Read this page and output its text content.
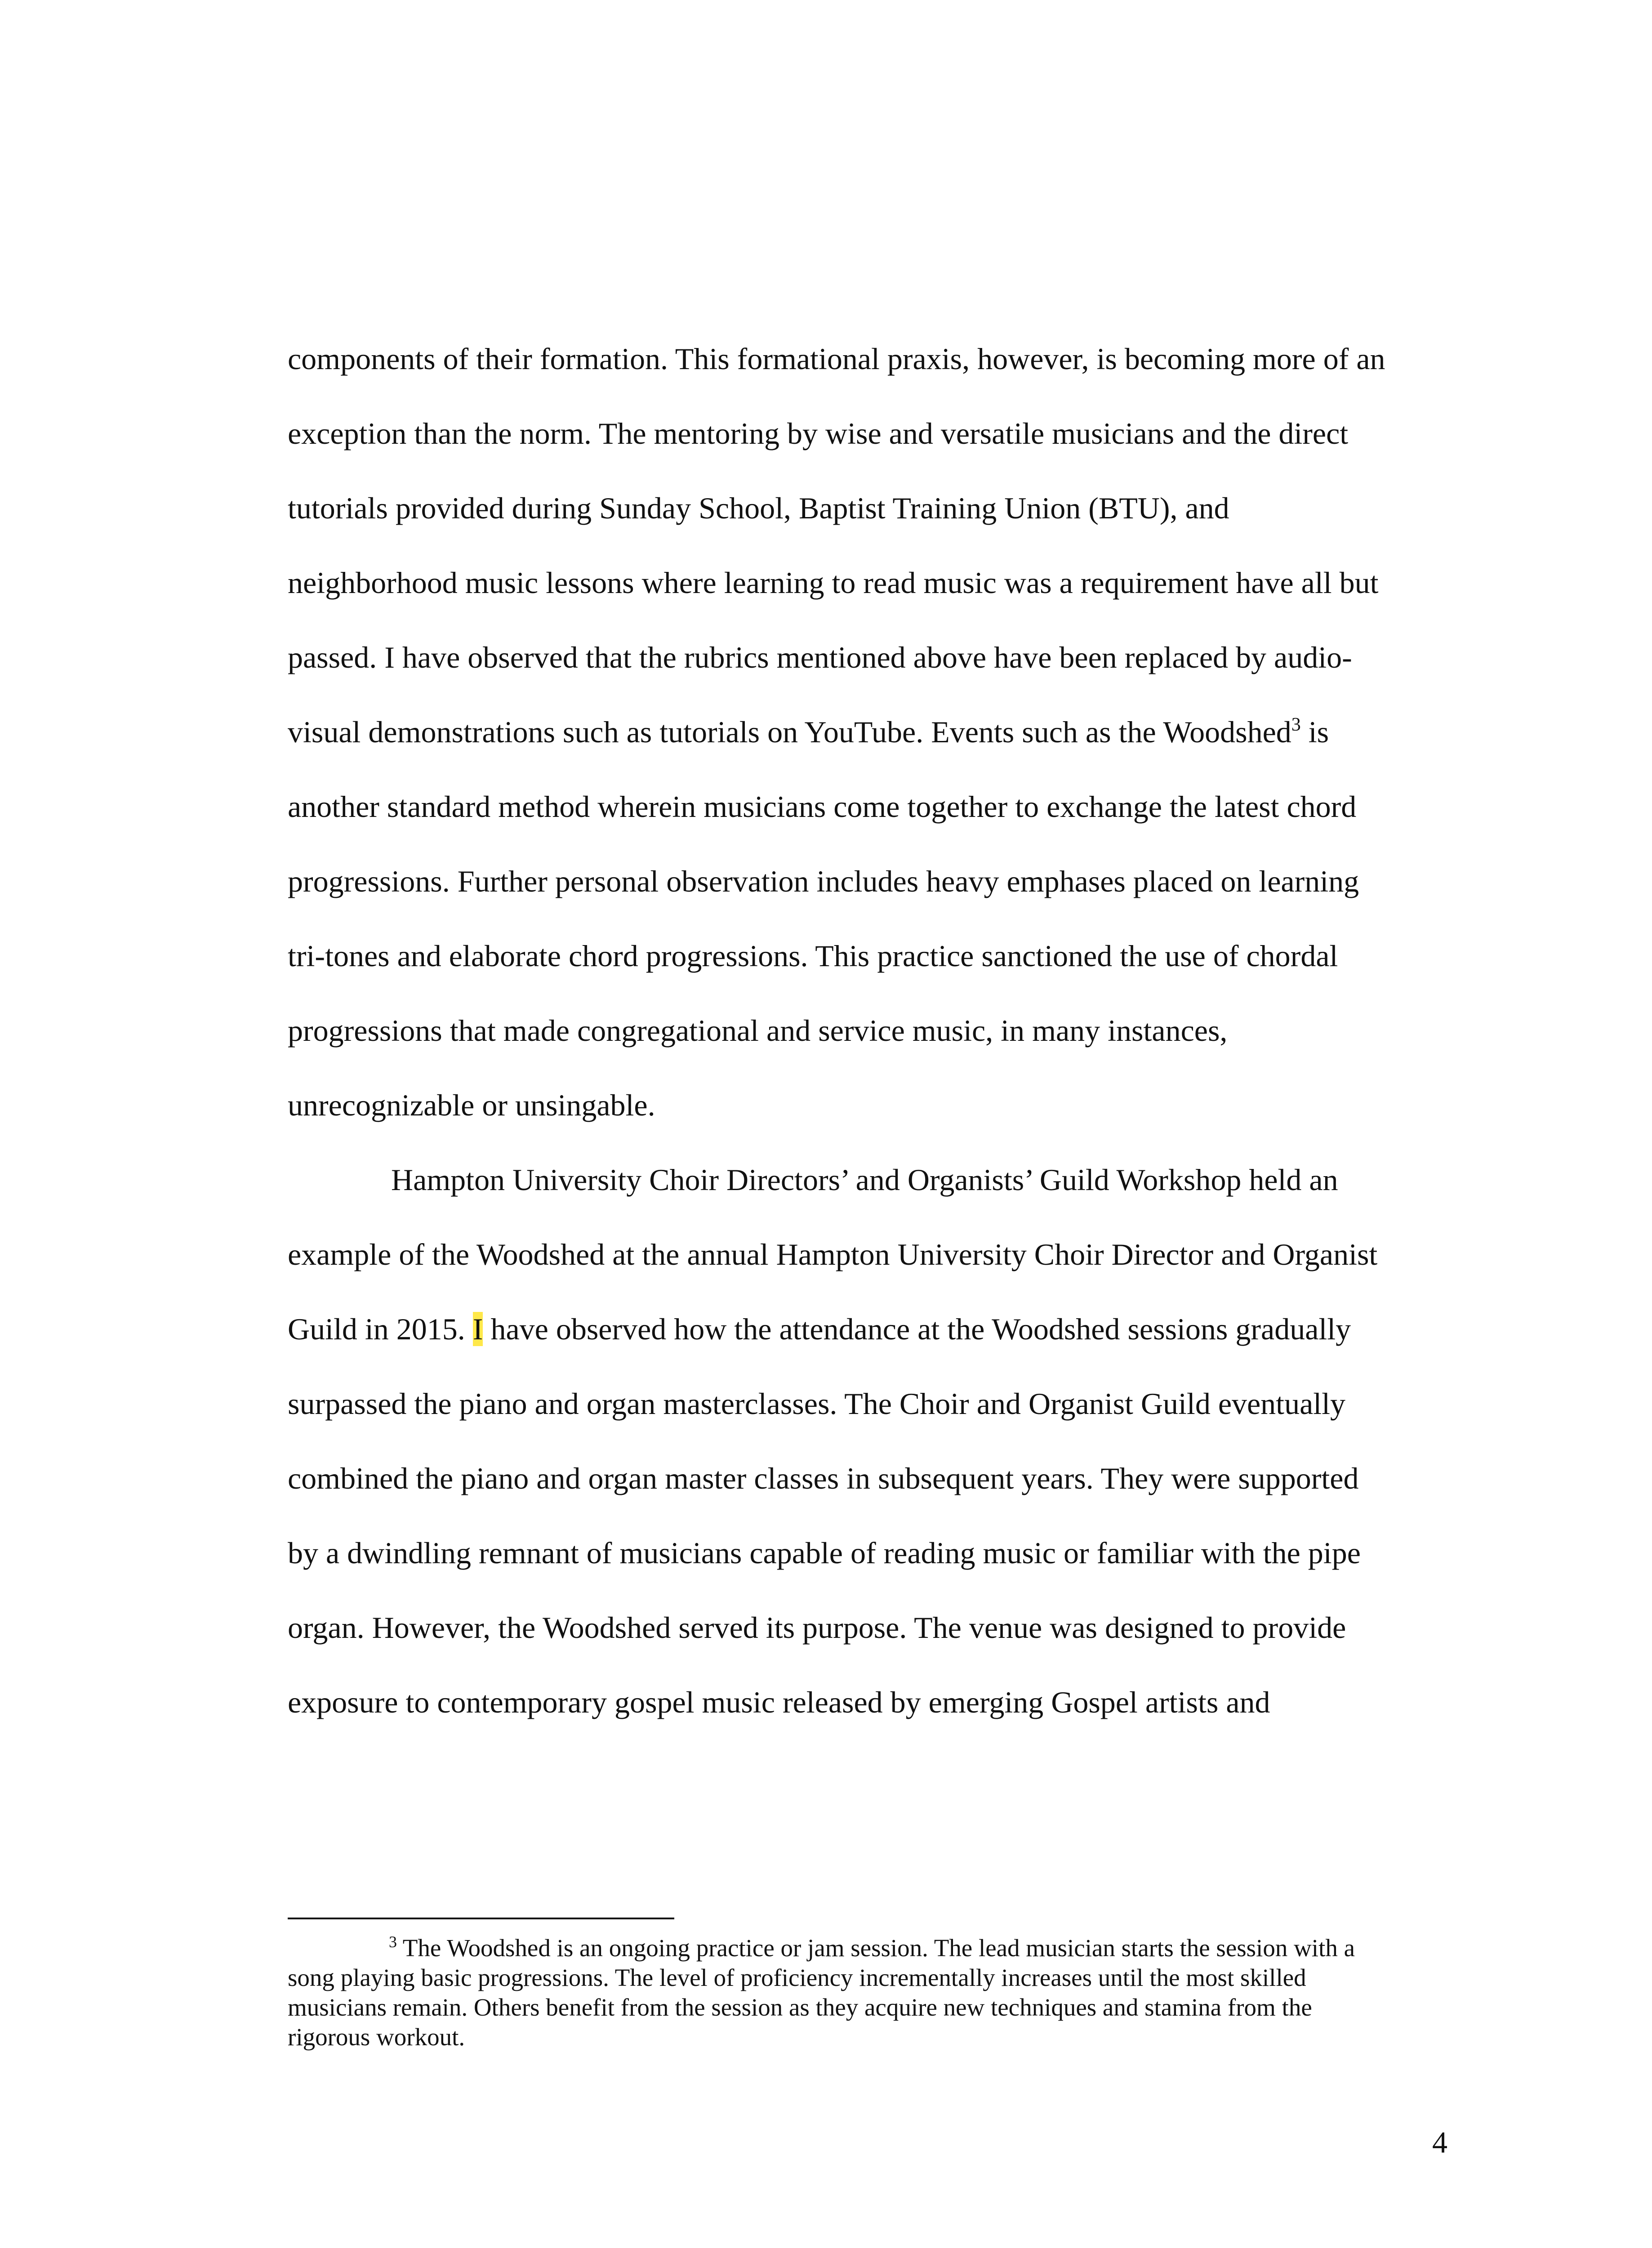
components of their formation. This formational praxis, however, is becoming more of an
exception than the norm. The mentoring by wise and versatile musicians and the direct
tutorials provided during Sunday School, Baptist Training Union (BTU), and
neighborhood music lessons where learning to read music was a requirement have all but
passed. I have observed that the rubrics mentioned above have been replaced by audio-
visual demonstrations such as tutorials on YouTube. Events such as the Woodshed$^3$ is
another standard method wherein musicians come together to exchange the latest chord
progressions. Further personal observation includes heavy emphases placed on learning
tri-tones and elaborate chord progressions. This practice sanctioned the use of chordal
progressions that made congregational and service music, in many instances,
unrecognizable or unsingable.
Hampton University Choir Directors’ and Organists’ Guild Workshop held an
example of the Woodshed at the annual Hampton University Choir Director and Organist
Guild in 2015. I have observed how the attendance at the Woodshed sessions gradually
surpassed the piano and organ masterclasses. The Choir and Organist Guild eventually
combined the piano and organ master classes in subsequent years. They were supported
by a dwindling remnant of musicians capable of reading music or familiar with the pipe
organ. However, the Woodshed served its purpose. The venue was designed to provide
exposure to contemporary gospel music released by emerging Gospel artists and
$^3$ The Woodshed is an ongoing practice or jam session. The lead musician starts the session with a
song playing basic progressions. The level of proficiency incrementally increases until the most skilled
musicians remain. Others benefit from the session as they acquire new techniques and stamina from the
rigorous workout.
4
